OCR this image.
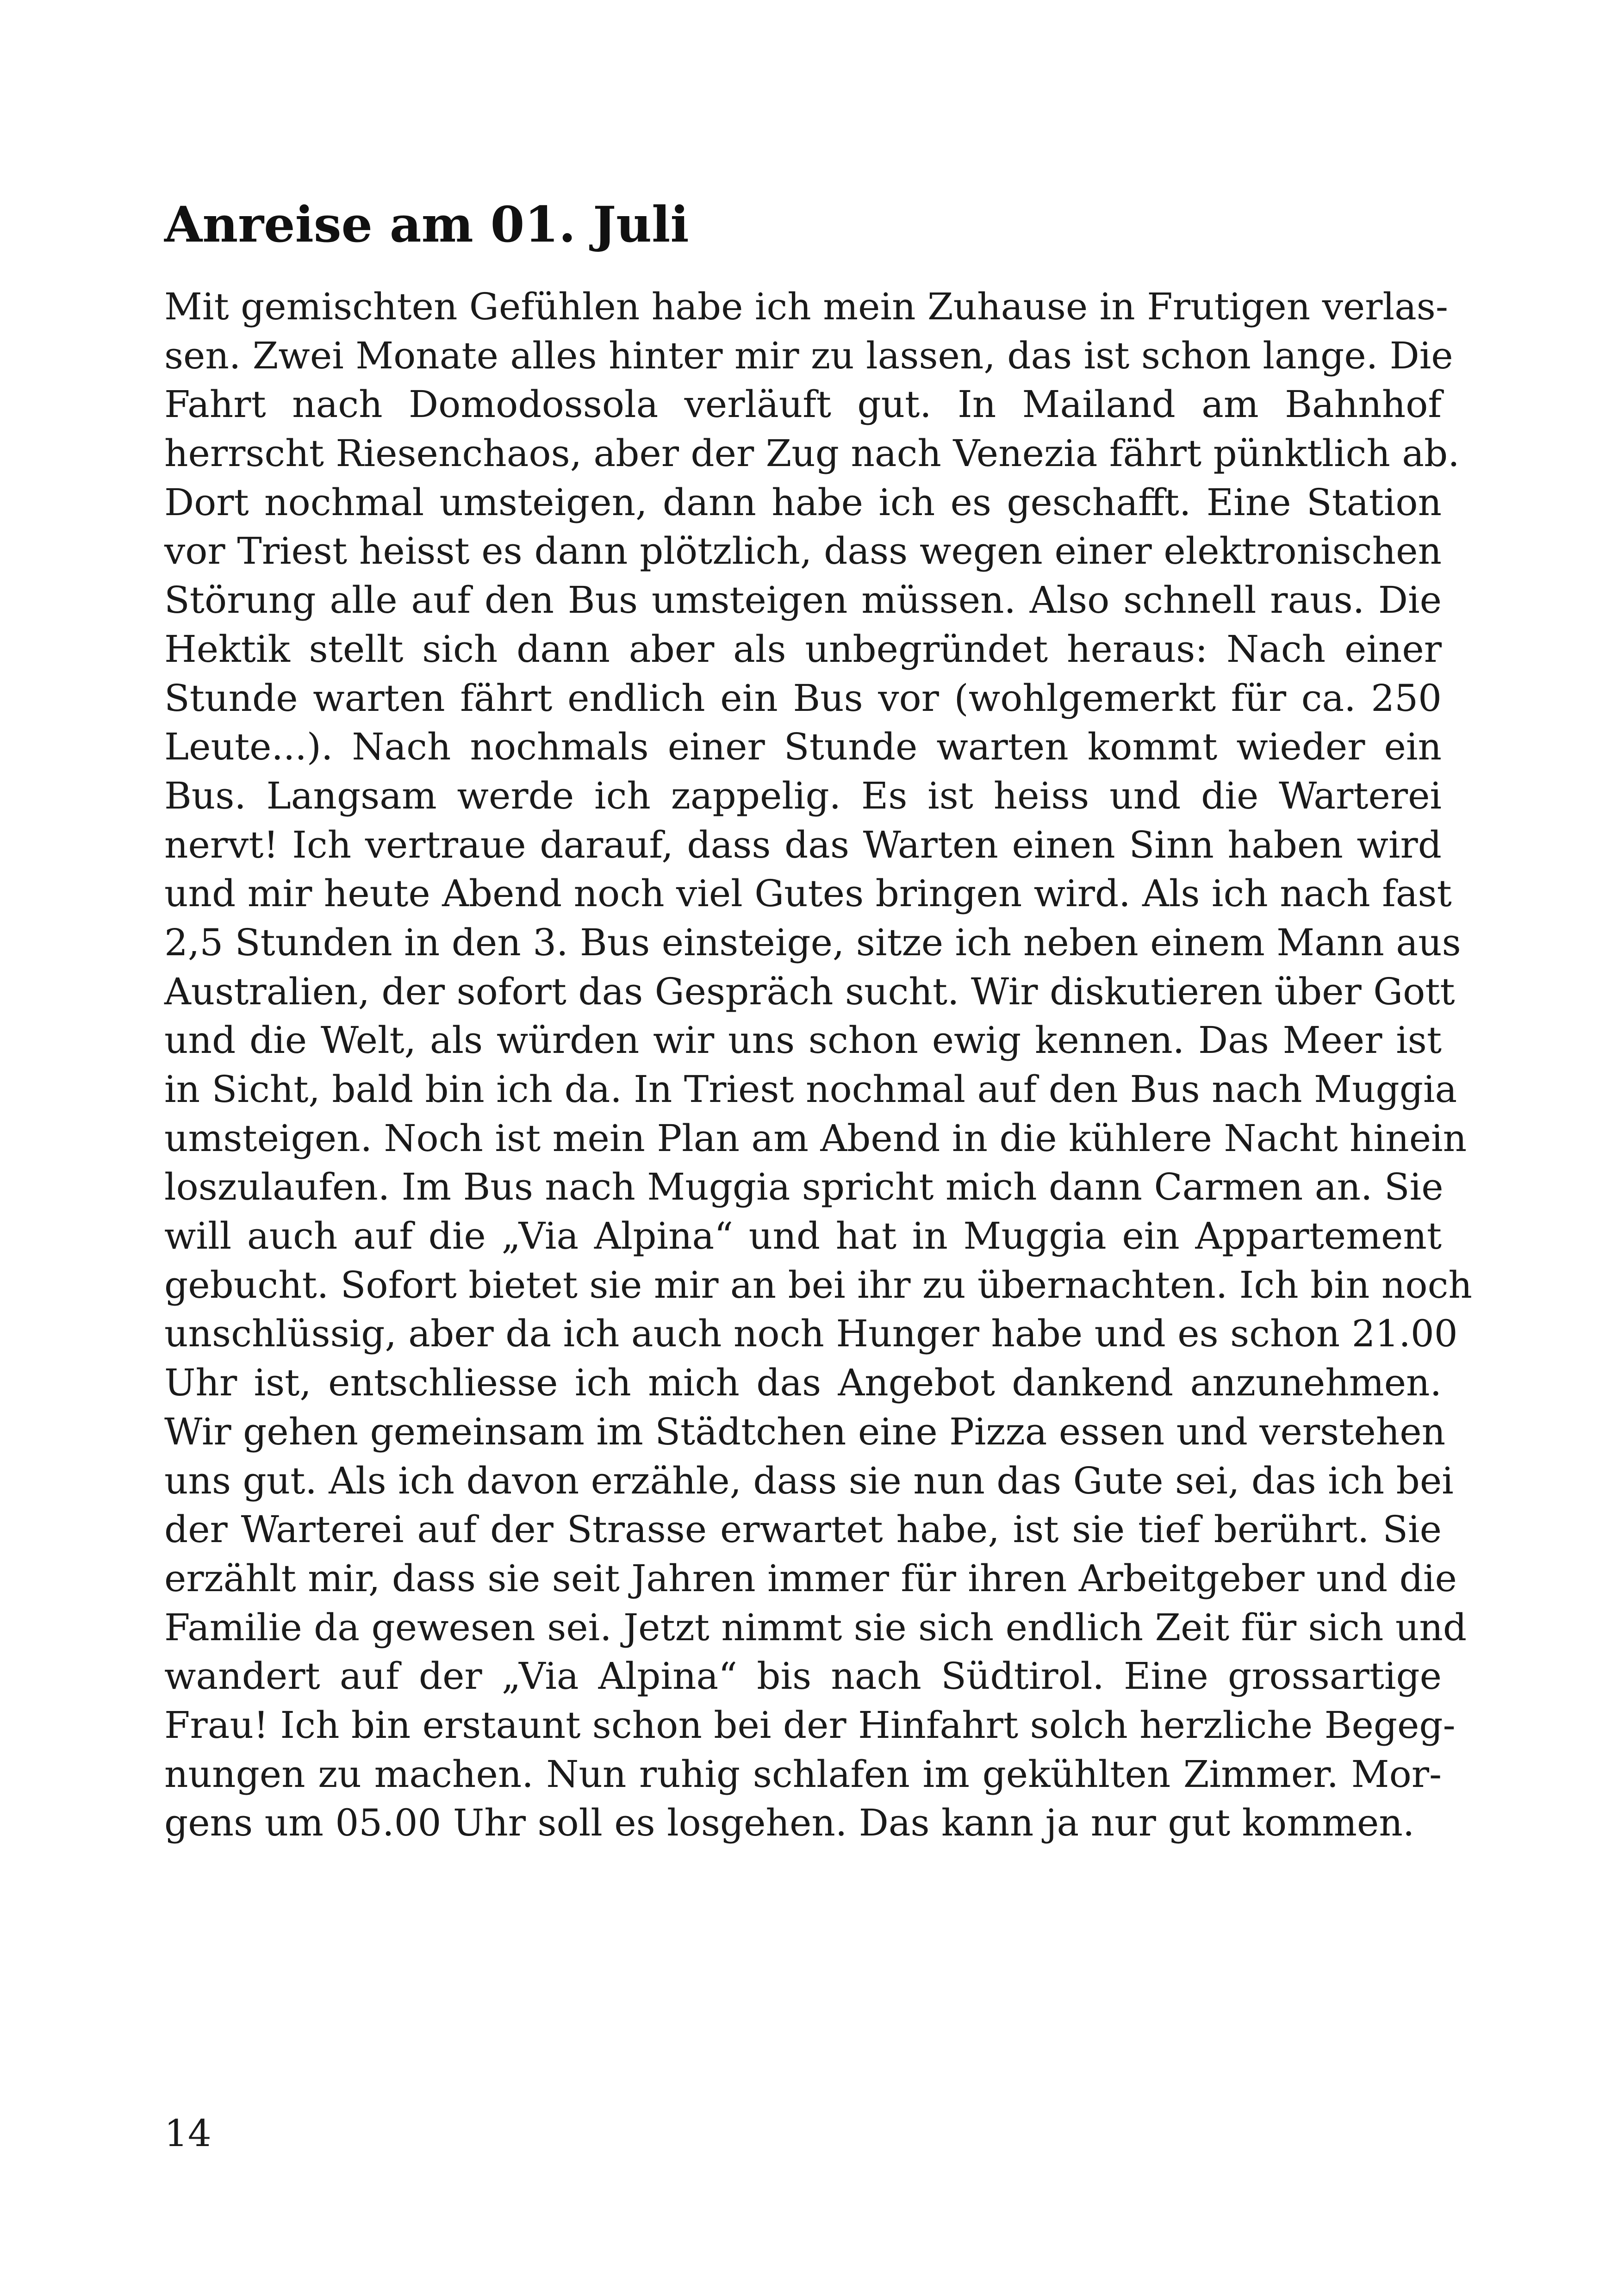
Anreise am 01. Juli
Mit gemischten Gefühlen habe ich mein Zuhause in Frutigen verlas-
sen. Zwei Monate alles hinter mir zu lassen, das ist schon lange. Die
Fahrt nach Domodossola verläuft gut. In Mailand am Bahnhof
herrscht Riesenchaos, aber der Zug nach Venezia fährt pünktlich ab.
Dort nochmal umsteigen, dann habe ich es geschafft. Eine Station
vor Triest heisst es dann plötzlich, dass wegen einer elektronischen
Störung alle auf den Bus umsteigen müssen. Also schnell raus. Die
Hektik stellt sich dann aber als unbegründet heraus: Nach einer
Stunde warten fährt endlich ein Bus vor (wohlgemerkt für ca. 250
Leute...). Nach nochmals einer Stunde warten kommt wieder ein
Bus. Langsam werde ich zappelig. Es ist heiss und die Warterei
nervt! Ich vertraue darauf, dass das Warten einen Sinn haben wird
und mir heute Abend noch viel Gutes bringen wird. Als ich nach fast
2,5 Stunden in den 3. Bus einsteige, sitze ich neben einem Mann aus
Australien, der sofort das Gespräch sucht. Wir diskutieren über Gott
und die Welt, als würden wir uns schon ewig kennen. Das Meer ist
in Sicht, bald bin ich da. In Triest nochmal auf den Bus nach Muggia
umsteigen. Noch ist mein Plan am Abend in die kühlere Nacht hinein
loszulaufen. Im Bus nach Muggia spricht mich dann Carmen an. Sie
will auch auf die „Via Alpina“ und hat in Muggia ein Appartement
gebucht. Sofort bietet sie mir an bei ihr zu übernachten. Ich bin noch
unschlüssig, aber da ich auch noch Hunger habe und es schon 21.00
Uhr ist, entschliesse ich mich das Angebot dankend anzunehmen.
Wir gehen gemeinsam im Städtchen eine Pizza essen und verstehen
uns gut. Als ich davon erzähle, dass sie nun das Gute sei, das ich bei
der Warterei auf der Strasse erwartet habe, ist sie tief berührt. Sie
erzählt mir, dass sie seit Jahren immer für ihren Arbeitgeber und die
Familie da gewesen sei. Jetzt nimmt sie sich endlich Zeit für sich und
wandert auf der „Via Alpina“ bis nach Südtirol. Eine grossartige
Frau! Ich bin erstaunt schon bei der Hinfahrt solch herzliche Begeg-
nungen zu machen. Nun ruhig schlafen im gekühlten Zimmer. Mor-
gens um 05.00 Uhr soll es losgehen. Das kann ja nur gut kommen.

14
